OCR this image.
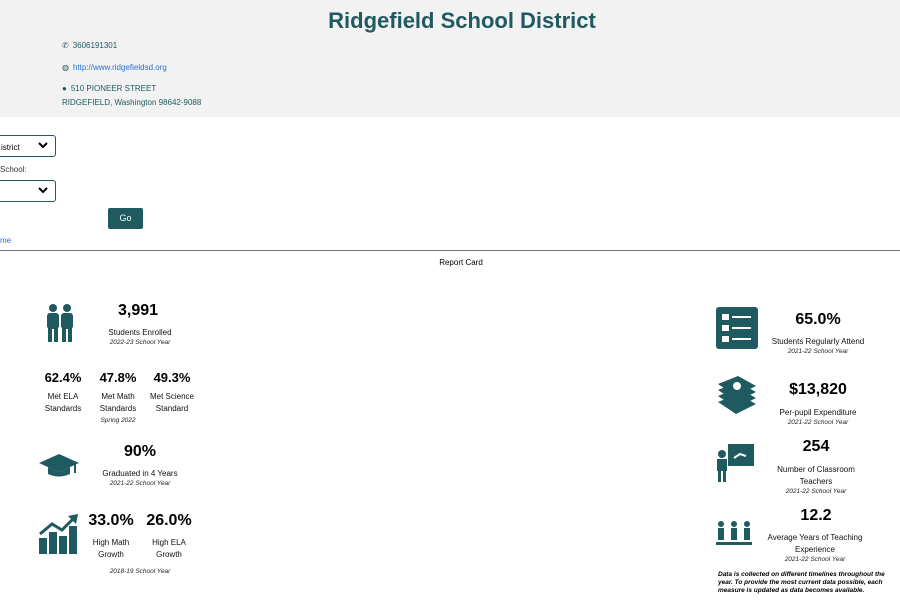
Ridgefield School District
✆ 3606191301
◍ http://www.ridgefieldsd.org
● 510 PIONEER STREET
RIDGEFIELD, Washington 98642-9088
istrict
School:
Go
me
Report Card
3,991
Students Enrolled
2022-23 School Year
62.4%
Met ELA
Standards
47.8%
Met Math
Standards
Spring 2022
49.3%
Met Science
Standard
90%
Graduated in 4 Years
2021-22 School Year
33.0%
High Math
Growth
26.0%
High ELA
Growth
2018-19 School Year
65.0%
Students Regularly Attend
2021-22 School Year
$13,820
Per-pupil Expenditure
2021-22 School Year
254
Number of Classroom
Teachers
2021-22 School Year
12.2
Average Years of Teaching
Experience
2021-22 School Year
Data is collected on different timelines throughout the year. To provide the most current data possible, each measure is updated as data becomes available.
